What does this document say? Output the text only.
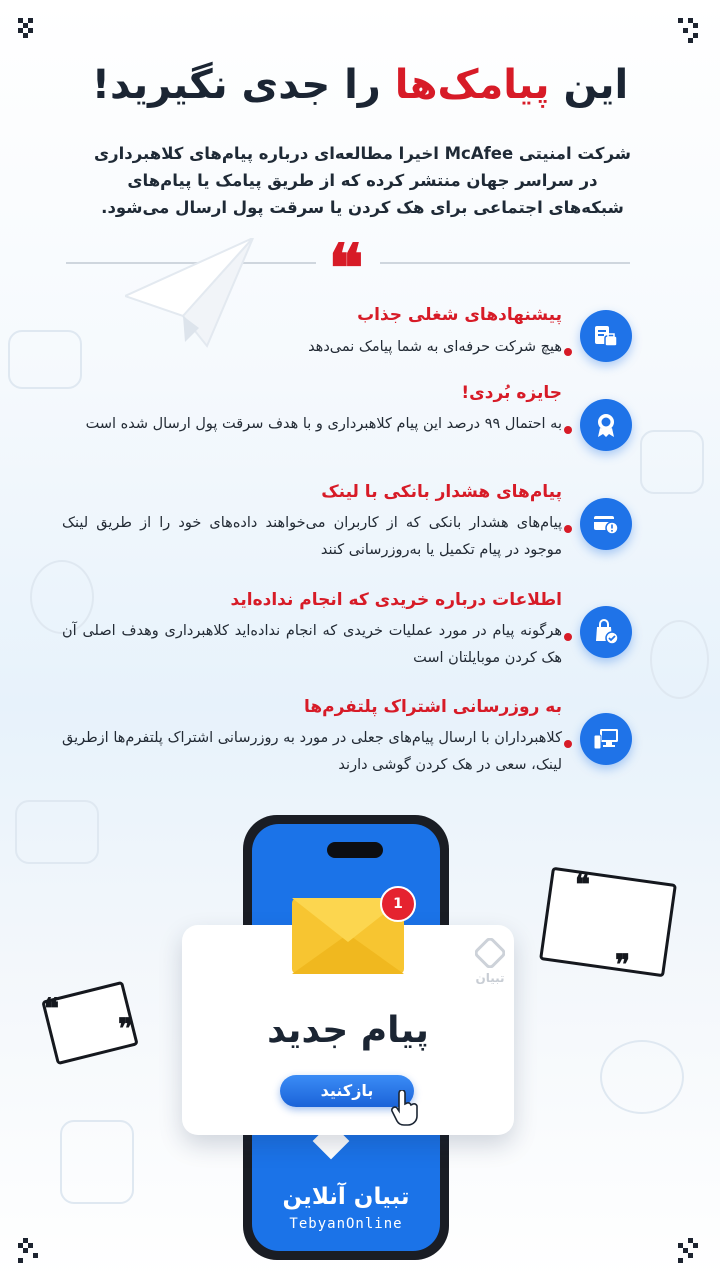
این پیامک‌ها را جدی نگیرید!

شرکت امنیتی McAfee اخیرا مطالعه‌ای درباره پیام‌های کلاهبرداری در سراسر جهان منتشر کرده که از طریق پیامک یا پیام‌های شبکه‌های اجتماعی برای هک کردن یا سرقت پول ارسال می‌شود.

❝
پیشنهادهای شغلی جذاب

هیچ شرکت حرفه‌ای به شما پیامک نمی‌دهد

جایزه بُردی!

به احتمال ۹۹ درصد این پیام کلاهبرداری و با هدف سرقت پول ارسال شده است

پیام‌های هشدار بانکی با لینک

پیام‌های هشدار بانکی که از کاربران می‌خواهند داده‌های خود را از طریق لینک موجود در پیام تکمیل یا به‌روزرسانی کنند

اطلاعات درباره خریدی که انجام نداده‌اید

هرگونه پیام در مورد عملیات خریدی که انجام نداده‌اید کلاهبرداری وهدف اصلی آن هک کردن موبایلتان است

به روزرسانی اشتراک پلتفرم‌ها

کلاهبرداران با ارسال پیام‌های جعلی در مورد به روزرسانی اشتراک پلتفرم‌ها ازطریق لینک، سعی در هک کردن گوشی دارند

❝
❞
❝
❞

تبیان آنلاین

TebyanOnline

پیام جدید
بازکنید
1
تبیان
